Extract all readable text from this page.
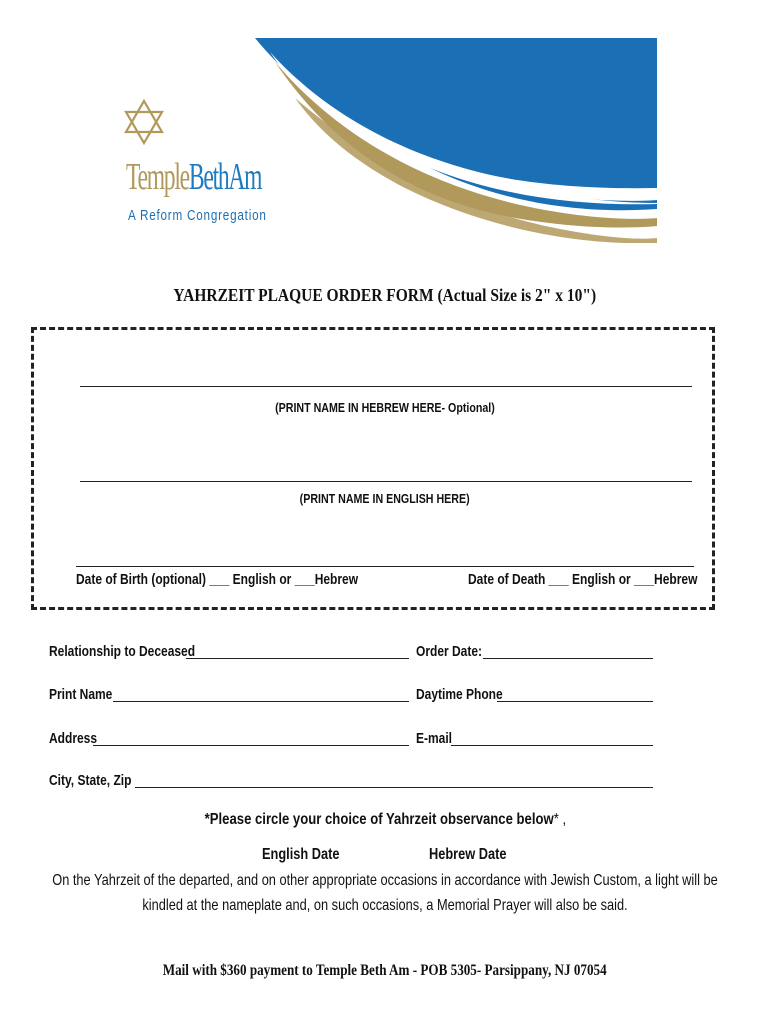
TempleBethAm
A Reform Congregation
YAHRZEIT PLAQUE ORDER FORM (Actual Size is 2" x 10")
(PRINT NAME IN HEBREW HERE- Optional)
(PRINT NAME IN ENGLISH HERE)
Date of Birth (optional) ___ English or ___Hebrew	Date of Death ___ English or ___Hebrew
Relationship to Deceased	Order Date:
Print Name	Daytime Phone
Address	E-mail
City, State, Zip
*Please circle your choice of Yahrzeit observance below* ,
English Date	Hebrew Date
On the Yahrzeit of the departed, and on other appropriate occasions in accordance with Jewish Custom, a light will be kindled at the nameplate and, on such occasions, a Memorial Prayer will also be said.
Mail with $360 payment to Temple Beth Am - POB 5305- Parsippany, NJ 07054
